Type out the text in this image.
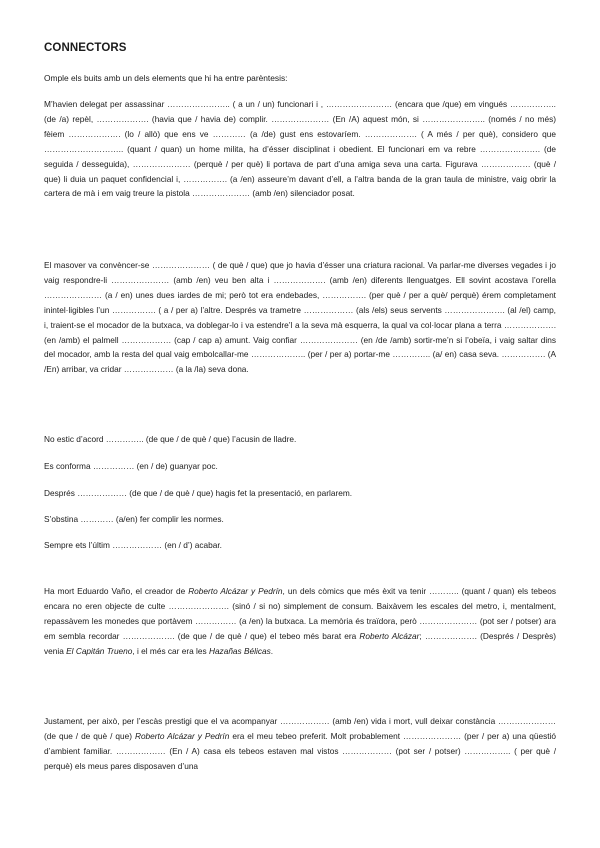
CONNECTORS
Omple els buits amb un dels elements que hi ha entre parèntesis:

M’havien delegat per assassinar ………………….. ( a un / un) funcionari i , …………………… (encara que /que) em vingués …………….. (de /a) repèl, ………………. (havia que / havia de) complir. ………………… (En /A) aquest món, si ………………….. (només / no més) fèiem ………………. (lo / allò) que ens ve ………… (a /de) gust ens estovaríem. ………………. ( A més / per què), considero que ……………………….. (quant / quan) un home milita, ha d’ésser disciplinat i obedient. El funcionari em va rebre …………………. (de seguida / desseguida), ………………… (perquè / per què) li portava de part d’una amiga seva una carta. Figurava ……………… (què / que) li duia un paquet confidencial i, ……………. (a /en) asseure’m davant d’ell, a l’altra banda de la gran taula de ministre, vaig obrir la cartera de mà i em vaig treure la pistola ………………… (amb /en) silenciador posat.

El masover va convèncer-se ………………… ( de què / que) que jo havia d’ésser una criatura racional. Va parlar-me diverses vegades i jo vaig respondre-li ………………… (amb /en) veu ben alta i ………………. (amb /en) diferents llenguatges. Ell sovint acostava l’orella ………………… (a / en) unes dues iardes de mi; però tot era endebades, ……………. (per què / per a què/ perquè) érem completament inintel·ligibles l’un ……………. ( a / per a) l’altre. Després va trametre ……………… (als /els) seus servents …………………. (al /el) camp, i, traient-se el mocador de la butxaca, va doblegar-lo i va estendre’l a la seva mà esquerra, la qual va col·locar plana a terra ………………. (en /amb) el palmell ……………… (cap / cap a) amunt. Vaig confiar ………………… (en /de /amb) sortir-me’n si l’obeïa, i vaig saltar dins del mocador, amb la resta del qual vaig embolcallar-me ……………….. (per / per a) portar-me ………….. (a/ en) casa seva. ……………. (A /En) arribar, va cridar ……………… (a la /la) seva dona.

No estic d’acord ………….. (de que / de què / que) l’acusin de lladre.

Es conforma …………… (en / de) guanyar poc.

Després ……………… (de que / de què / que) hagis fet la presentació, en parlarem.

S’obstina ………… (a/en) fer complir les normes.

Sempre ets l’últim ……………… (en / d’) acabar.

Ha mort Eduardo Vaño, el creador de Roberto Alcázar y Pedrín, un dels còmics que més èxit va tenir ……….. (quant / quan) els tebeos encara no eren objecte de culte …………………. (sinó / si no) simplement de consum. Baixàvem les escales del metro, i, mentalment, repassàvem les monedes que portàvem …………… (a /en) la butxaca. La memòria és traïdora, però ………………… (pot ser / potser) ara em sembla recordar ………………. (de que / de què / que) el tebeo més barat era Roberto Alcázar; ………………. (Després / Desprès) venia El Capitán Trueno, i el més car era les Hazañas Bélicas.

Justament, per això, per l’escàs prestigi que el va acompanyar ……………… (amb /en) vida i mort, vull deixar constància ………………… (de que / de què / que) Roberto Alcázar y Pedrín era el meu tebeo preferit. Molt probablement ………………… (per / per a) una qüestió d’ambient familiar. ……………… (En / A) casa els tebeos estaven mal vistos ……………… (pot ser / potser) …………….. ( per què / perquè) els meus pares disposaven d’una
